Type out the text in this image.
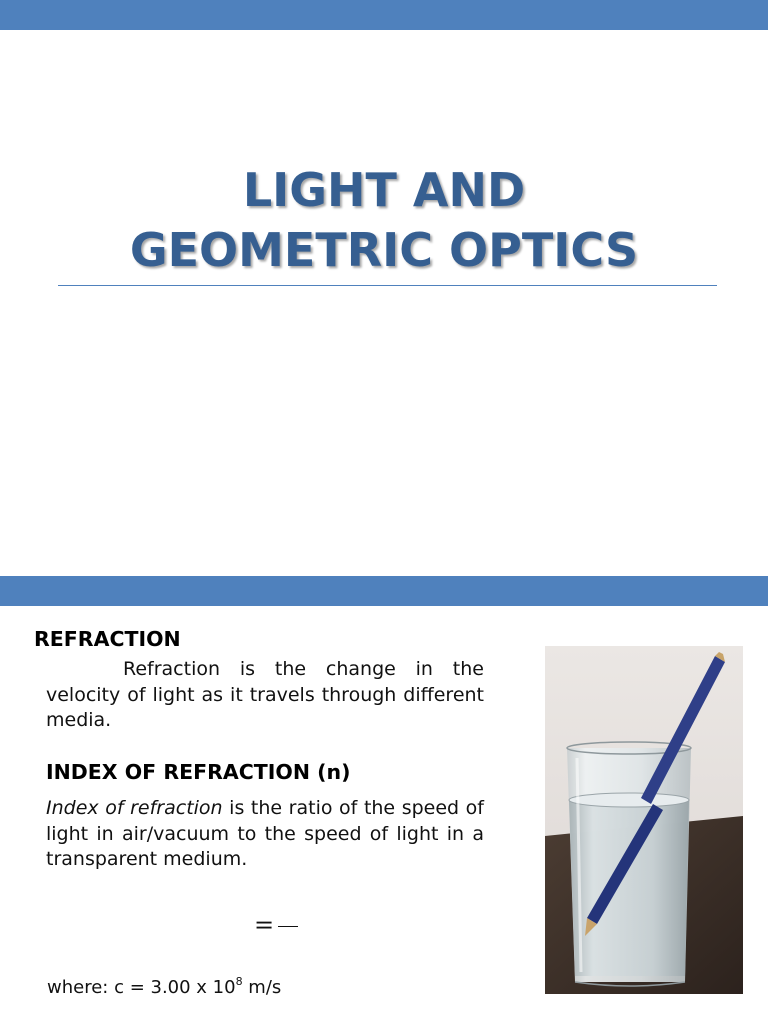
LIGHT AND
GEOMETRIC OPTICS
REFRACTION

Refraction is the change in the velocity of light as it travels through different media.

INDEX OF REFRACTION (n)

Index of refraction is the ratio of the speed of light in air/vacuum to the speed of light in a transparent medium.

=

where: c = 3.00 x $10^8$ m/s
